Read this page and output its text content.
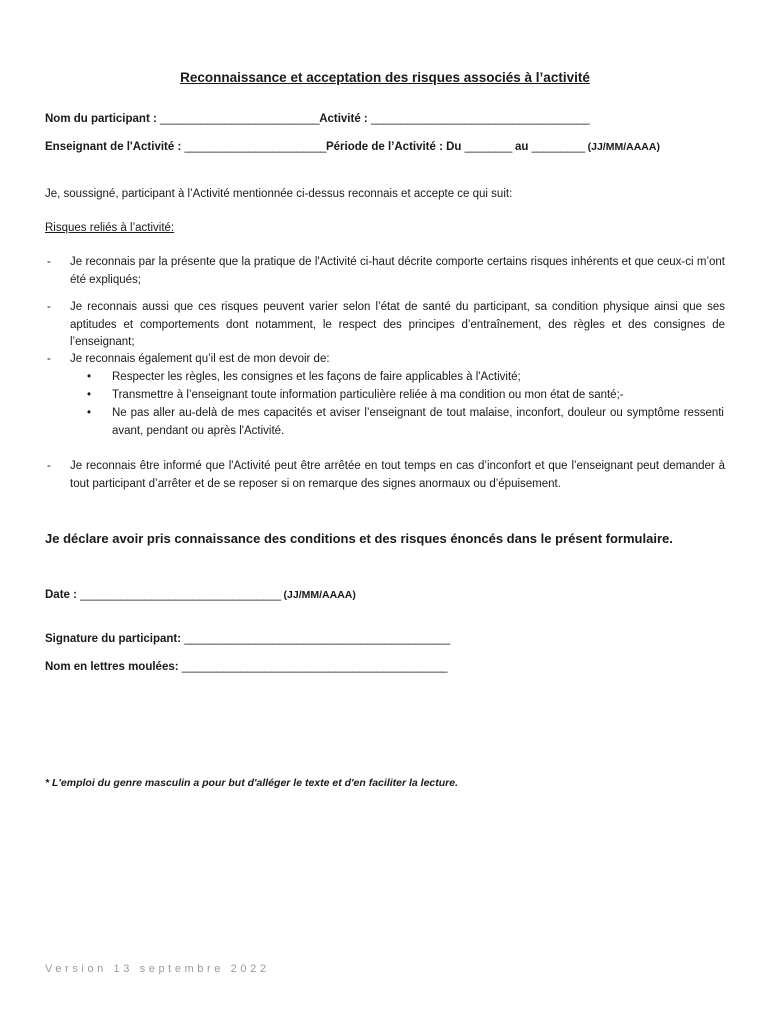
Reconnaissance et acceptation des risques associés à l’activité
Nom du participant : ___________________________Activité : _____________________________________
Enseignant de l'Activité : ________________________Période de l’Activité : Du ________ au _________ (JJ/MM/AAAA)
Je, soussigné, participant à l’Activité mentionnée ci-dessus reconnais et accepte ce qui suit:
Risques reliés à l’activité:
- Je reconnais par la présente que la pratique de l'Activité ci-haut décrite comporte certains risques inhérents et que ceux-ci m’ont été expliqués;
- Je reconnais aussi que ces risques peuvent varier selon l’état de santé du participant, sa condition physique ainsi que ses aptitudes et comportements dont notamment, le respect des principes d’entraînement, des règles et des consignes de l’enseignant;
- Je reconnais également qu’il est de mon devoir de:
• Respecter les règles, les consignes et les façons de faire applicables à l'Activité;
• Transmettre à l’enseignant toute information particulière reliée à ma condition ou mon état de santé;-
• Ne pas aller au-delà de mes capacités et aviser l’enseignant de tout malaise, inconfort, douleur ou symptôme ressenti avant, pendant ou après l'Activité.
- Je reconnais être informé que l'Activité peut être arrêtée en tout temps en cas d’inconfort et que l’enseignant peut demander à tout participant d’arrêter et de se reposer si on remarque des signes anormaux ou d’épuisement.
Je déclare avoir pris connaissance des conditions et des risques énoncés dans le présent formulaire.
Date : __________________________________ (JJ/MM/AAAA)
Signature du participant: _____________________________________________
Nom en lettres moulées: _____________________________________________
* L'emploi du genre masculin a pour but d'alléger le texte et d'en faciliter la lecture.
Version 13 septembre 2022
